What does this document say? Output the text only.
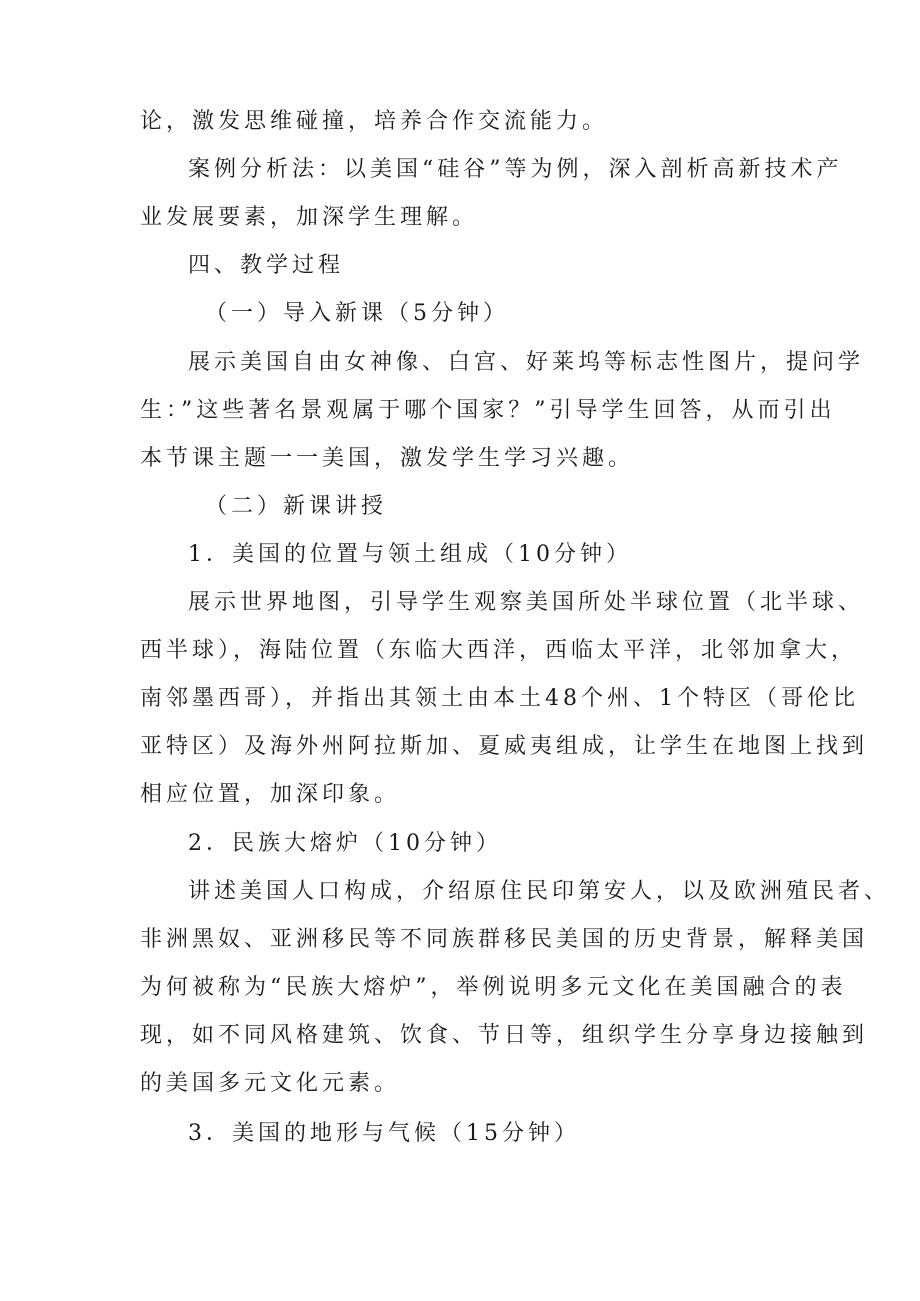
论，激发思维碰撞，培养合作交流能力。
案例分析法：以美国“硅谷”等为例，深入剖析高新技术产
业发展要素，加深学生理解。
四、教学过程
（一）导入新课（5分钟）
展示美国自由女神像、白宫、好莱坞等标志性图片，提问学
生：”这些著名景观属于哪个国家？”引导学生回答，从而引出
本节课主题一一美国，激发学生学习兴趣。
（二）新课讲授
1．美国的位置与领土组成（10分钟）
展示世界地图，引导学生观察美国所处半球位置（北半球、
西半球），海陆位置（东临大西洋，西临太平洋，北邻加拿大，
南邻墨西哥），并指出其领土由本土48个州、1个特区（哥伦比
亚特区）及海外州阿拉斯加、夏威夷组成，让学生在地图上找到
相应位置，加深印象。
2．民族大熔炉（10分钟）
讲述美国人口构成，介绍原住民印第安人，以及欧洲殖民者、
非洲黑奴、亚洲移民等不同族群移民美国的历史背景，解释美国
为何被称为“民族大熔炉”，举例说明多元文化在美国融合的表
现，如不同风格建筑、饮食、节日等，组织学生分享身边接触到
的美国多元文化元素。
3．美国的地形与气候（15分钟）
